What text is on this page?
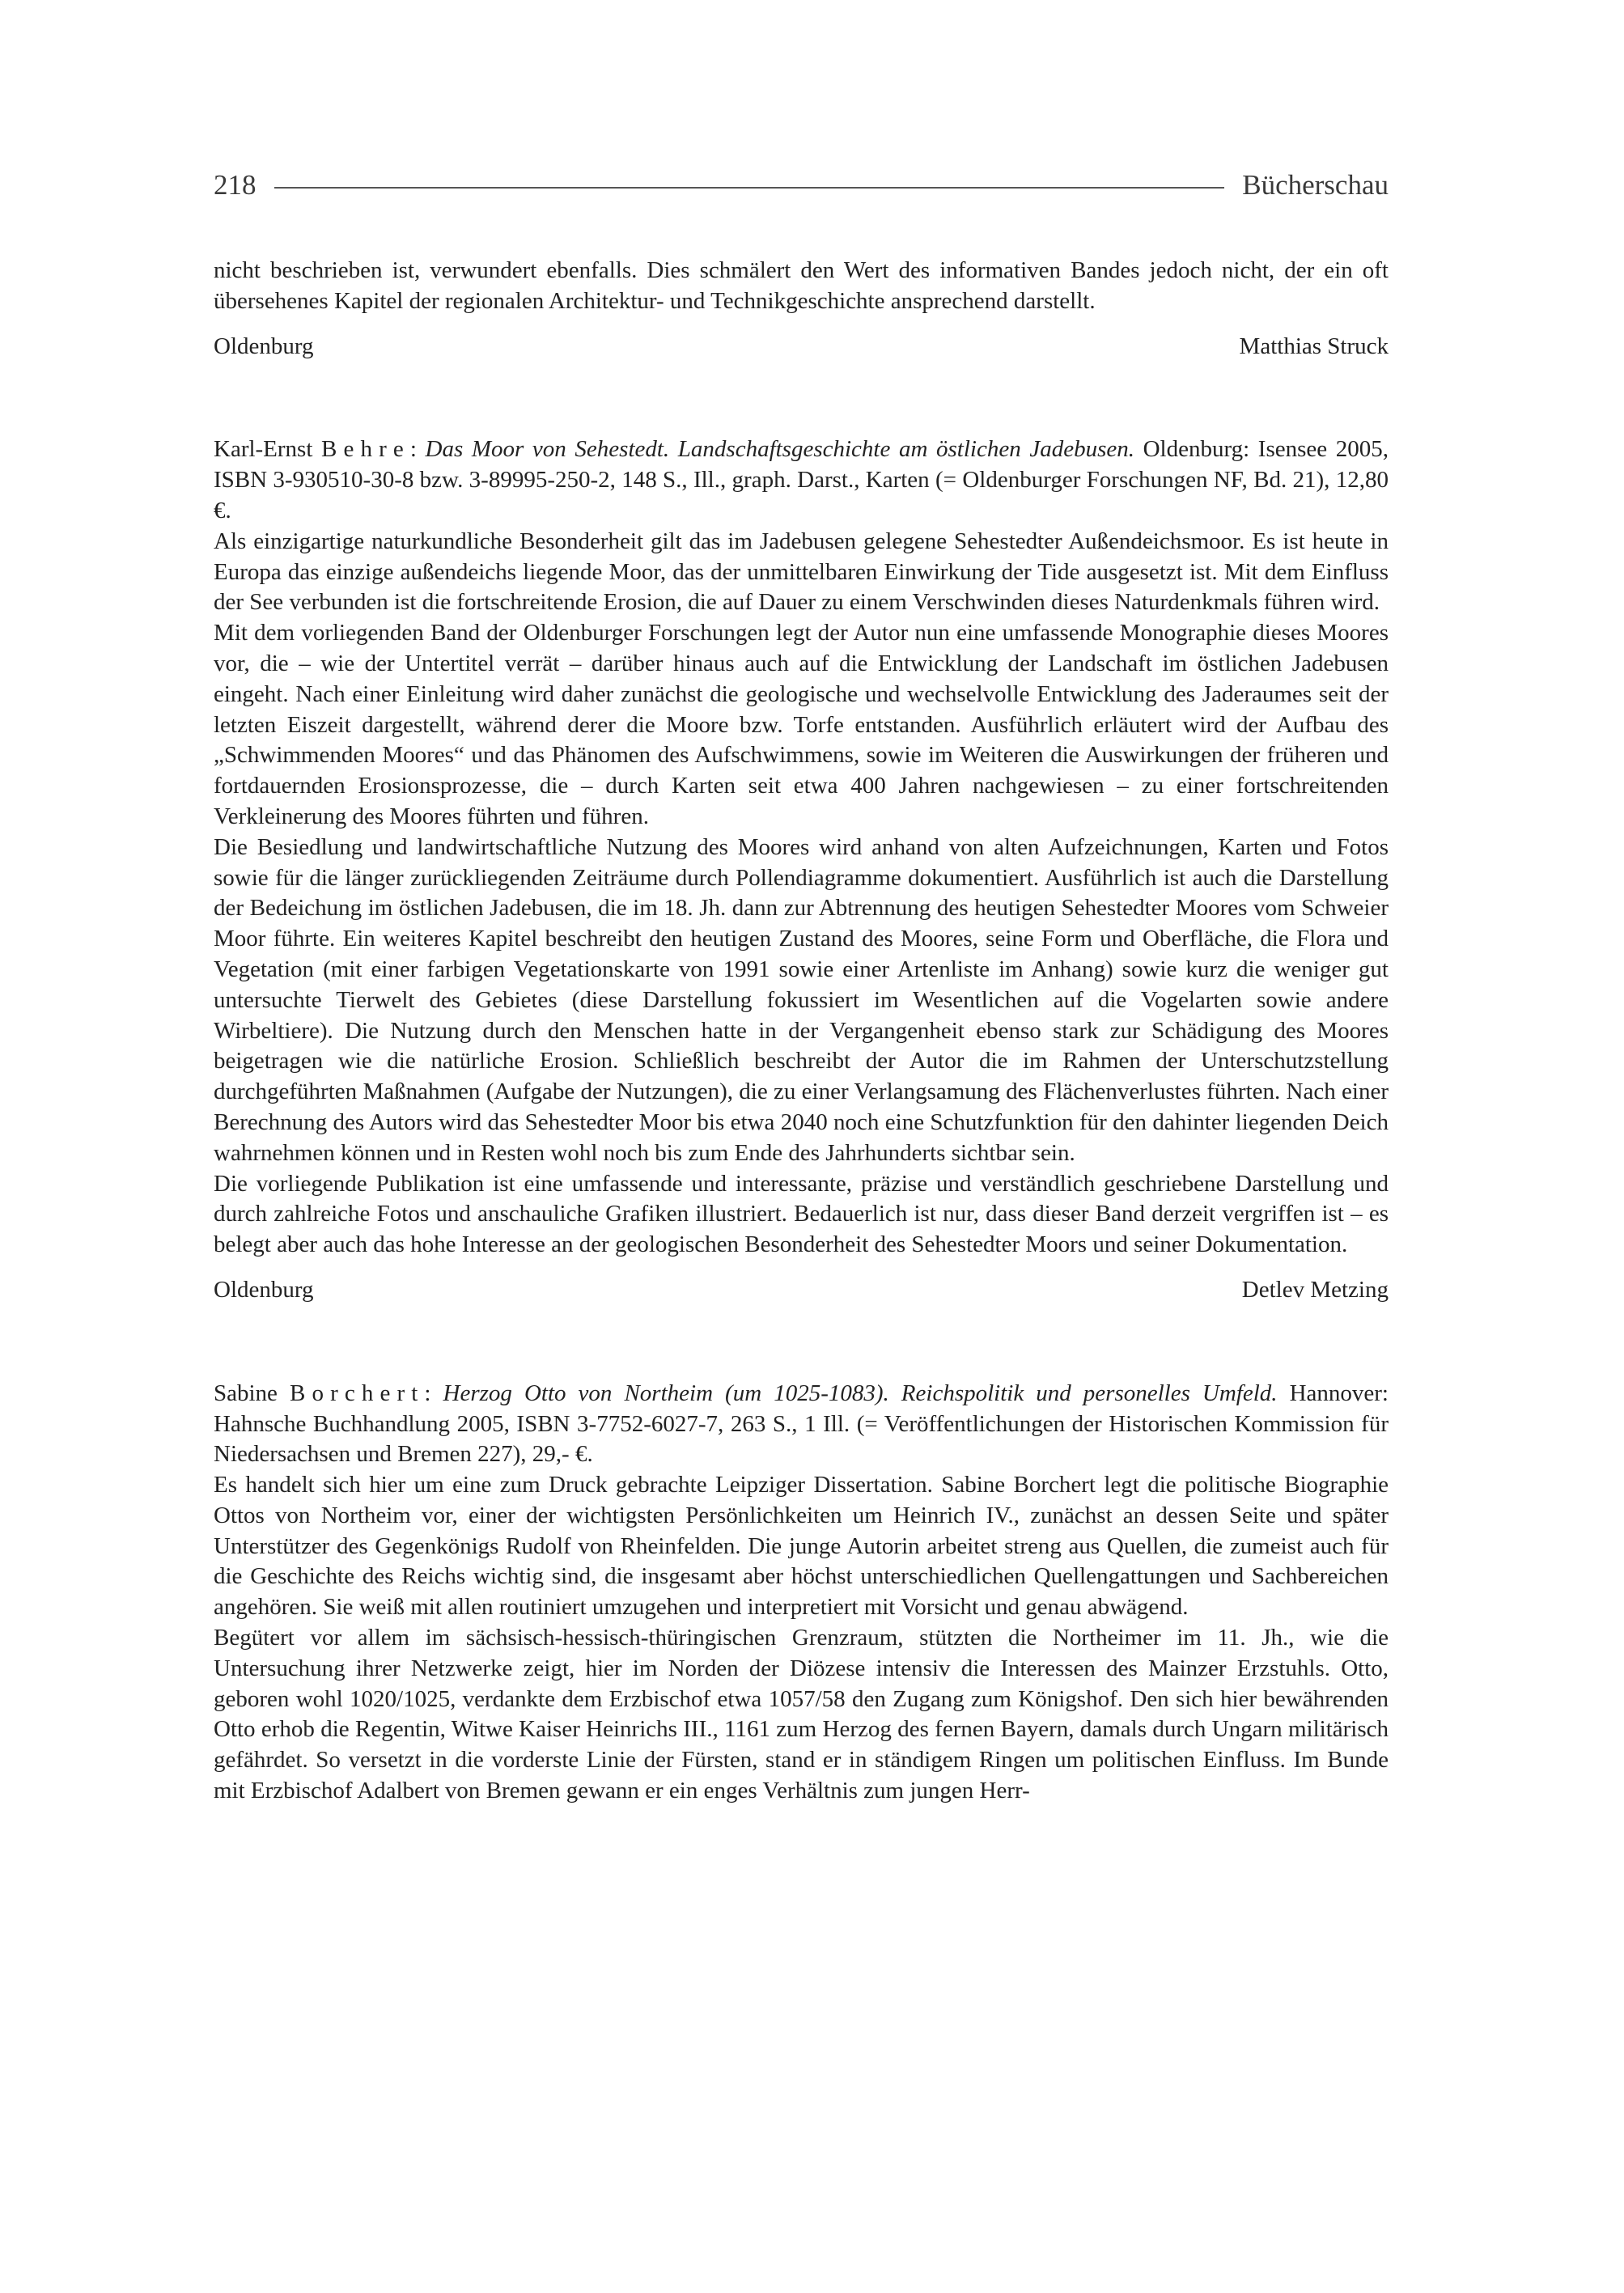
218	Bücherschau

nicht beschrieben ist, verwundert ebenfalls. Dies schmälert den Wert des informativen Bandes jedoch nicht, der ein oft übersehenes Kapitel der regionalen Architektur- und Technikgeschichte ansprechend darstellt.

Oldenburg	Matthias Struck

Karl-Ernst Behre: Das Moor von Sehestedt. Landschaftsgeschichte am östlichen Jadebusen. Oldenburg: Isensee 2005, ISBN 3-930510-30-8 bzw. 3-89995-250-2, 148 S., Ill., graph. Darst., Karten (= Oldenburger Forschungen NF, Bd. 21), 12,80 €.

Als einzigartige naturkundliche Besonderheit gilt das im Jadebusen gelegene Sehestedter Außendeichsmoor. Es ist heute in Europa das einzige außendeichs liegende Moor, das der unmittelbaren Einwirkung der Tide ausgesetzt ist. Mit dem Einfluss der See verbunden ist die fortschreitende Erosion, die auf Dauer zu einem Verschwinden dieses Naturdenkmals führen wird.

Mit dem vorliegenden Band der Oldenburger Forschungen legt der Autor nun eine umfassende Monographie dieses Moores vor, die – wie der Untertitel verrät – darüber hinaus auch auf die Entwicklung der Landschaft im östlichen Jadebusen eingeht. Nach einer Einleitung wird daher zunächst die geologische und wechselvolle Entwicklung des Jaderaumes seit der letzten Eiszeit dargestellt, während derer die Moore bzw. Torfe entstanden. Ausführlich erläutert wird der Aufbau des „Schwimmenden Moores“ und das Phänomen des Aufschwimmens, sowie im Weiteren die Auswirkungen der früheren und fortdauernden Erosionsprozesse, die – durch Karten seit etwa 400 Jahren nachgewiesen – zu einer fortschreitenden Verkleinerung des Moores führten und führen.

Die Besiedlung und landwirtschaftliche Nutzung des Moores wird anhand von alten Aufzeichnungen, Karten und Fotos sowie für die länger zurückliegenden Zeiträume durch Pollendiagramme dokumentiert. Ausführlich ist auch die Darstellung der Bedeichung im östlichen Jadebusen, die im 18. Jh. dann zur Abtrennung des heutigen Sehestedter Moores vom Schweier Moor führte. Ein weiteres Kapitel beschreibt den heutigen Zustand des Moores, seine Form und Oberfläche, die Flora und Vegetation (mit einer farbigen Vegetationskarte von 1991 sowie einer Artenliste im Anhang) sowie kurz die weniger gut untersuchte Tierwelt des Gebietes (diese Darstellung fokussiert im Wesentlichen auf die Vogelarten sowie andere Wirbeltiere). Die Nutzung durch den Menschen hatte in der Vergangenheit ebenso stark zur Schädigung des Moores beigetragen wie die natürliche Erosion. Schließlich beschreibt der Autor die im Rahmen der Unterschutzstellung durchgeführten Maßnahmen (Aufgabe der Nutzungen), die zu einer Verlangsamung des Flächenverlustes führten. Nach einer Berechnung des Autors wird das Sehestedter Moor bis etwa 2040 noch eine Schutzfunktion für den dahinter liegenden Deich wahrnehmen können und in Resten wohl noch bis zum Ende des Jahrhunderts sichtbar sein.

Die vorliegende Publikation ist eine umfassende und interessante, präzise und verständlich geschriebene Darstellung und durch zahlreiche Fotos und anschauliche Grafiken illustriert. Bedauerlich ist nur, dass dieser Band derzeit vergriffen ist – es belegt aber auch das hohe Interesse an der geologischen Besonderheit des Sehestedter Moors und seiner Dokumentation.

Oldenburg	Detlev Metzing

Sabine Borchert: Herzog Otto von Northeim (um 1025-1083). Reichspolitik und personelles Umfeld. Hannover: Hahnsche Buchhandlung 2005, ISBN 3-7752-6027-7, 263 S., 1 Ill. (= Veröffentlichungen der Historischen Kommission für Niedersachsen und Bremen 227), 29,- €.

Es handelt sich hier um eine zum Druck gebrachte Leipziger Dissertation. Sabine Borchert legt die politische Biographie Ottos von Northeim vor, einer der wichtigsten Persönlichkeiten um Heinrich IV., zunächst an dessen Seite und später Unterstützer des Gegenkönigs Rudolf von Rheinfelden. Die junge Autorin arbeitet streng aus Quellen, die zumeist auch für die Geschichte des Reichs wichtig sind, die insgesamt aber höchst unterschiedlichen Quellengattungen und Sachbereichen angehören. Sie weiß mit allen routiniert umzugehen und interpretiert mit Vorsicht und genau abwägend.

Begütert vor allem im sächsisch-hessisch-thüringischen Grenzraum, stützten die Northeimer im 11. Jh., wie die Untersuchung ihrer Netzwerke zeigt, hier im Norden der Diözese intensiv die Interessen des Mainzer Erzstuhls. Otto, geboren wohl 1020/1025, verdankte dem Erzbischof etwa 1057/58 den Zugang zum Königshof. Den sich hier bewährenden Otto erhob die Regentin, Witwe Kaiser Heinrichs III., 1161 zum Herzog des fernen Bayern, damals durch Ungarn militärisch gefährdet. So versetzt in die vorderste Linie der Fürsten, stand er in ständigem Ringen um politischen Einfluss. Im Bunde mit Erzbischof Adalbert von Bremen gewann er ein enges Verhältnis zum jungen Herr-
